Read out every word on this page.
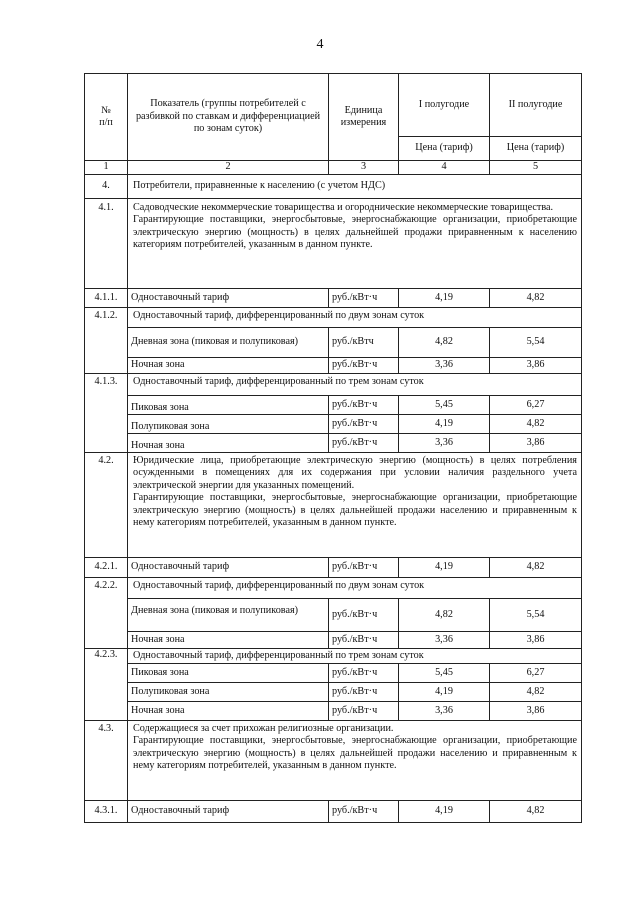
4
№
п/п	Показатель (группы потребителей с разбивкой по ставкам и дифференциацией по зонам суток)	Единица измерения	I полугодие	II полугодие
			Цена (тариф)	Цена (тариф)
1	2	3	4	5
4.	Потребители, приравненные к населению (с учетом НДС)			
4.1.	Садоводческие некоммерческие товарищества и огороднические некоммерческие товарищества.
Гарантирующие поставщики, энергосбытовые, энергоснабжающие организации, приобретающие электрическую энергию (мощность) в целях дальнейшей продажи приравненным к населению категориям потребителей, указанным в данном пункте.			

4.1.1.	Одноставочный тариф	руб./кВт·ч	4,19	4,82
4.1.2.	Одноставочный тариф, дифференцированный по двум зонам суток			
	Дневная зона (пиковая и полупиковая)	руб./кВтч	4,82	5,54
	Ночная зона	руб./кВт·ч	3,36	3,86
4.1.3.	Одноставочный тариф, дифференцированный по трем зонам суток			
	Пиковая зона	руб./кВт·ч	5,45	6,27
	Полупиковая зона	руб./кВт·ч	4,19	4,82
	Ночная зона	руб./кВт·ч	3,36	3,86
4.2.	Юридические лица, приобретающие электрическую энергию (мощность) в целях потребления осужденными в помещениях для их содержания при условии наличия раздельного учета электрической энергии для указанных помещений.
Гарантирующие поставщики, энергосбытовые, энергоснабжающие организации, приобретающие электрическую энергию (мощность) в целях дальнейшей продажи населению и приравненным к нему категориям потребителей, указанным в данном пункте.			

4.2.1.	Одноставочный тариф	руб./кВт·ч	4,19	4,82
4.2.2.	Одноставочный тариф, дифференцированный по двум зонам суток			
	Дневная зона (пиковая и полупиковая)	руб./кВт·ч	4,82	5,54
	Ночная зона	руб./кВт·ч	3,36	3,86
4.2.3.	Одноставочный тариф, дифференцированный по трем зонам суток			
	Пиковая зона	руб./кВт·ч	5,45	6,27
	Полупиковая зона	руб./кВт·ч	4,19	4,82
	Ночная зона	руб./кВт·ч	3,36	3,86
4.3.	Содержащиеся за счет прихожан религиозные организации.
Гарантирующие поставщики, энергосбытовые, энергоснабжающие организации, приобретающие электрическую энергию (мощность) в целях дальнейшей продажи населению и приравненным к нему категориям потребителей, указанным в данном пункте.			

4.3.1.	Одноставочный тариф	руб./кВт·ч	4,19	4,82
